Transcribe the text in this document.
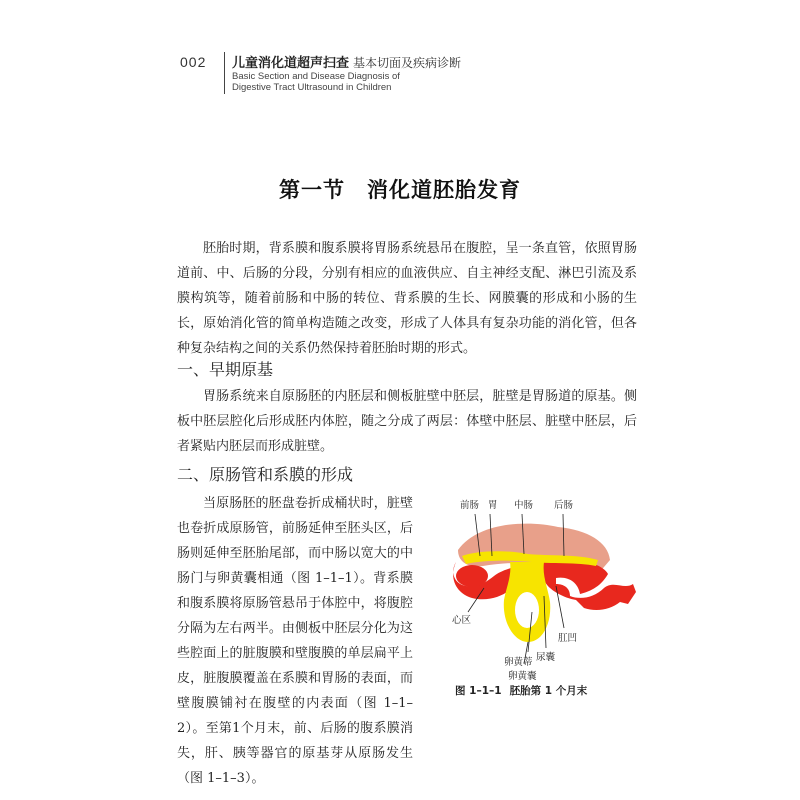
002 儿童消化道超声扫查 基本切面及疾病诊断
Basic Section and Disease Diagnosis of
Digestive Tract Ultrasound in Children
第一节 消化道胚胎发育

胚胎时期，背系膜和腹系膜将胃肠系统悬吊在腹腔，呈一条直管，依照胃肠道前、中、后肠的分段，分别有相应的血液供应、自主神经支配、淋巴引流及系膜构筑等，随着前肠和中肠的转位、背系膜的生长、网膜囊的形成和小肠的生长，原始消化管的简单构造随之改变，形成了人体具有复杂功能的消化管，但各种复杂结构之间的关系仍然保持着胚胎时期的形式。

一、早期原基

胃肠系统来自原肠胚的内胚层和侧板脏壁中胚层，脏壁是胃肠道的原基。侧板中胚层腔化后形成胚内体腔，随之分成了两层：体壁中胚层、脏壁中胚层，后者紧贴内胚层而形成脏壁。

二、原肠管和系膜的形成

当原肠胚的胚盘卷折成桶状时，脏壁也卷折成原肠管，前肠延伸至胚头区，后肠则延伸至胚胎尾部，而中肠以宽大的中肠门与卵黄囊相通（图 1–1–1）。背系膜和腹系膜将原肠管悬吊于体腔中，将腹腔分隔为左右两半。由侧板中胚层分化为这些腔面上的脏腹膜和壁腹膜的单层扁平上皮，脏腹膜覆盖在系膜和胃肠的表面，而壁腹膜铺衬在腹壁的内表面（图 1–1–2）。至第1个月末，前、后肠的腹系膜消失，肝、胰等器官的原基芽从原肠发生（图 1–1–3）。

前肠 胃 中肠 后肠
心区
肛凹
尿囊
卵黄蒂
卵黄囊
图 1–1–1 胚胎第 1 个月末
